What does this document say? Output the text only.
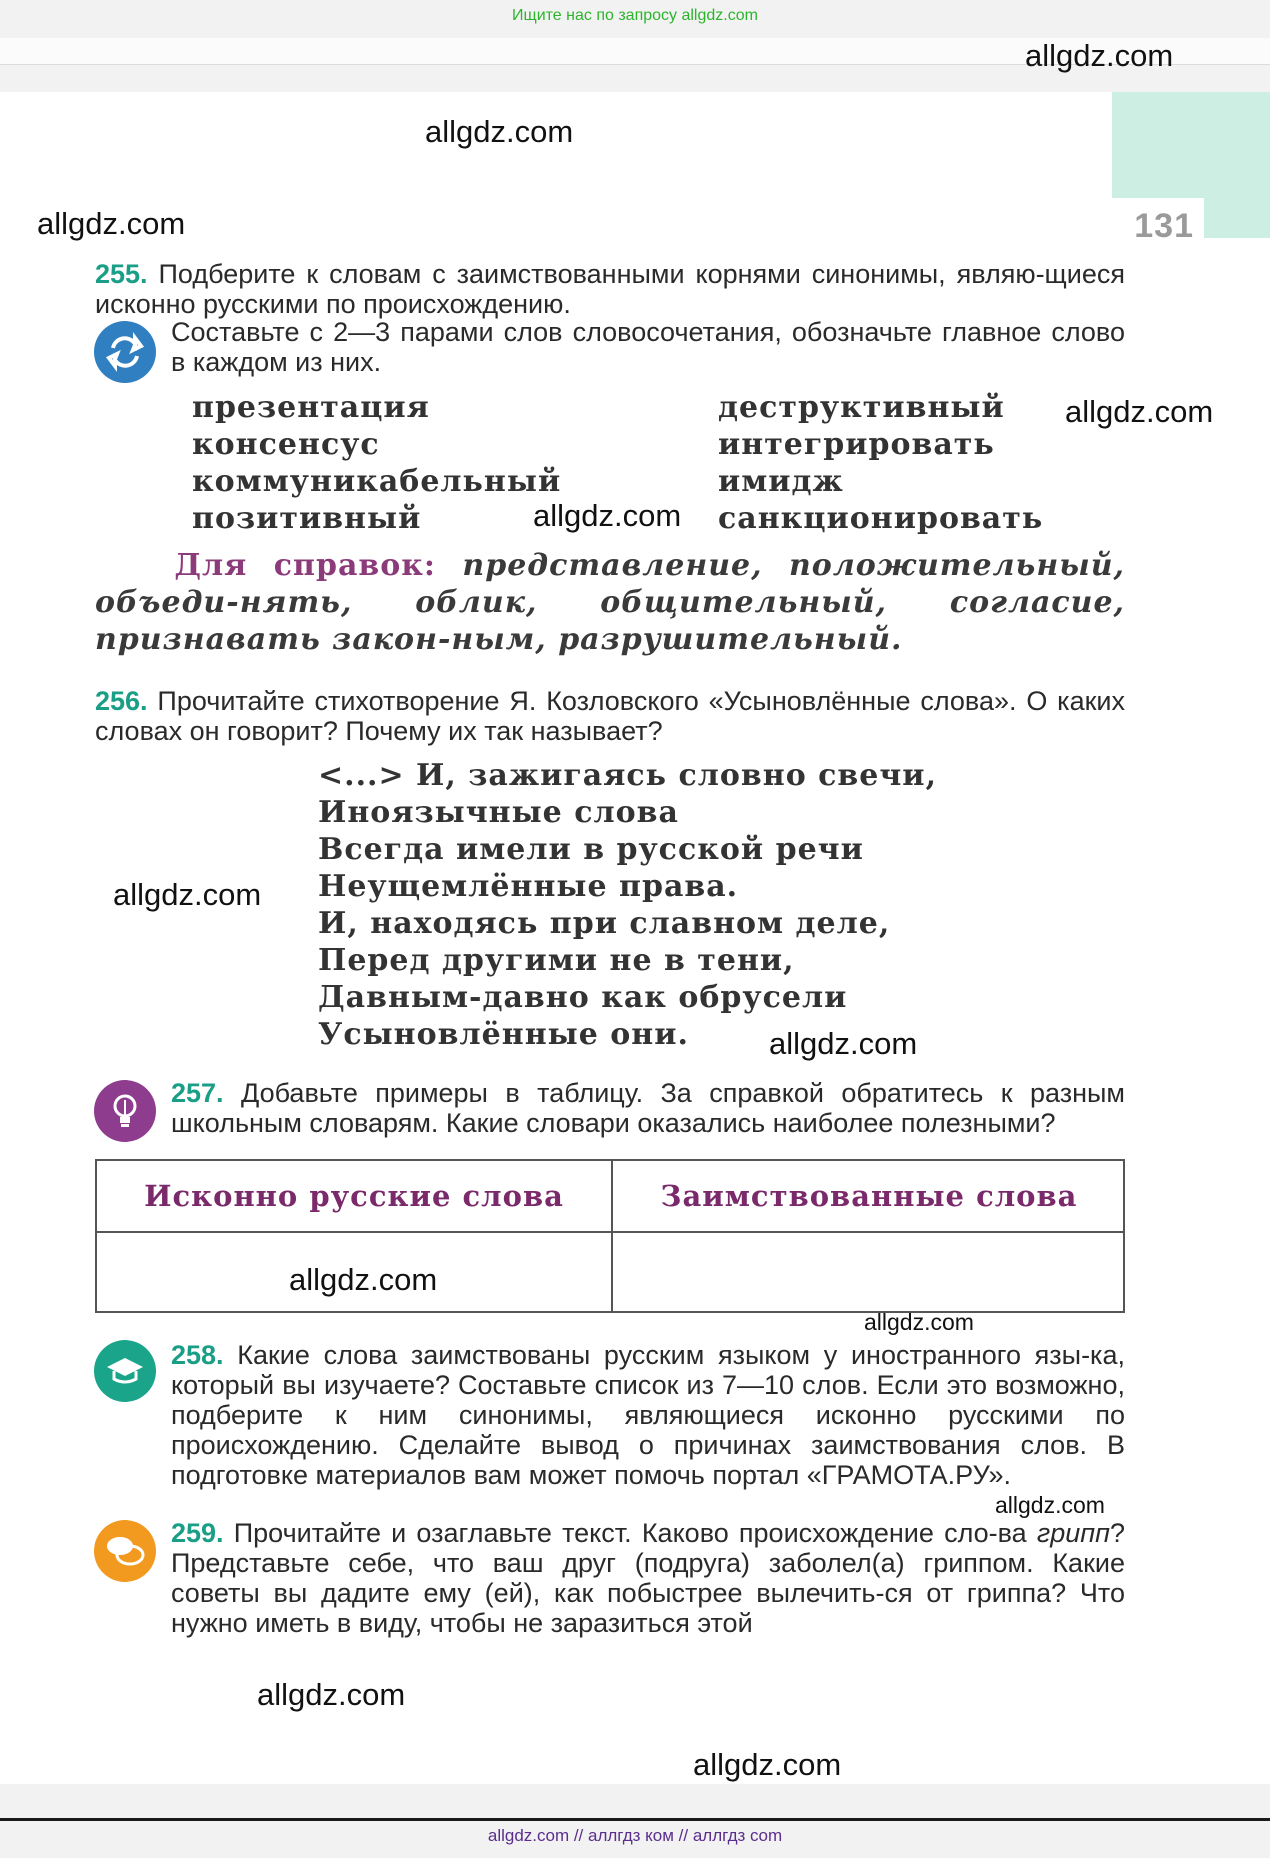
Ищите нас по запросу allgdz.com
131
255. Подберите к словам с заимствованными корнями синонимы, являю-щиеся исконно русскими по происхождению.
Составьте с 2—3 парами слов словосочетания, обозначьте главное слово в каждом из них.
презентация
консенсус
коммуникабельный
позитивный
деструктивный
интегрировать
имидж
санкционировать
Для справок: представление, положительный, объеди-нять, облик, общительный, согласие, признавать закон-ным, разрушительный.
256. Прочитайте стихотворение Я. Козловского «Усыновлённые слова». О каких словах он говорит? Почему их так называет?
<...> И, зажигаясь словно свечи,
Иноязычные слова
Всегда имели в русской речи
Неущемлённые права.
И, находясь при славном деле,
Перед другими не в тени,
Давным-давно как обрусели
Усыновлённые они.
257. Добавьте примеры в таблицу. За справкой обратитесь к разным школьным словарям. Какие словари оказались наиболее полезными?
Исконно русские слова	Заимствованные слова
258. Какие слова заимствованы русским языком у иностранного язы-ка, который вы изучаете? Составьте список из 7—10 слов. Если это возможно, подберите к ним синонимы, являющиеся исконно русскими по происхождению. Сделайте вывод о причинах заимствования слов. В подготовке материалов вам может помочь портал «ГРАМОТА.РУ».
259. Прочитайте и озаглавьте текст. Каково происхождение сло-ва грипп? Представьте себе, что ваш друг (подруга) заболел(а) гриппом. Какие советы вы дадите ему (ей), как побыстрее вылечить-ся от гриппа? Что нужно иметь в виду, чтобы не заразиться этой
allgdz.com
allgdz.com
allgdz.com
allgdz.com
allgdz.com
allgdz.com
allgdz.com
allgdz.com
allgdz.com
allgdz.com
allgdz.com
allgdz.com
allgdz.com // аллгдз ком // аллгдз com
